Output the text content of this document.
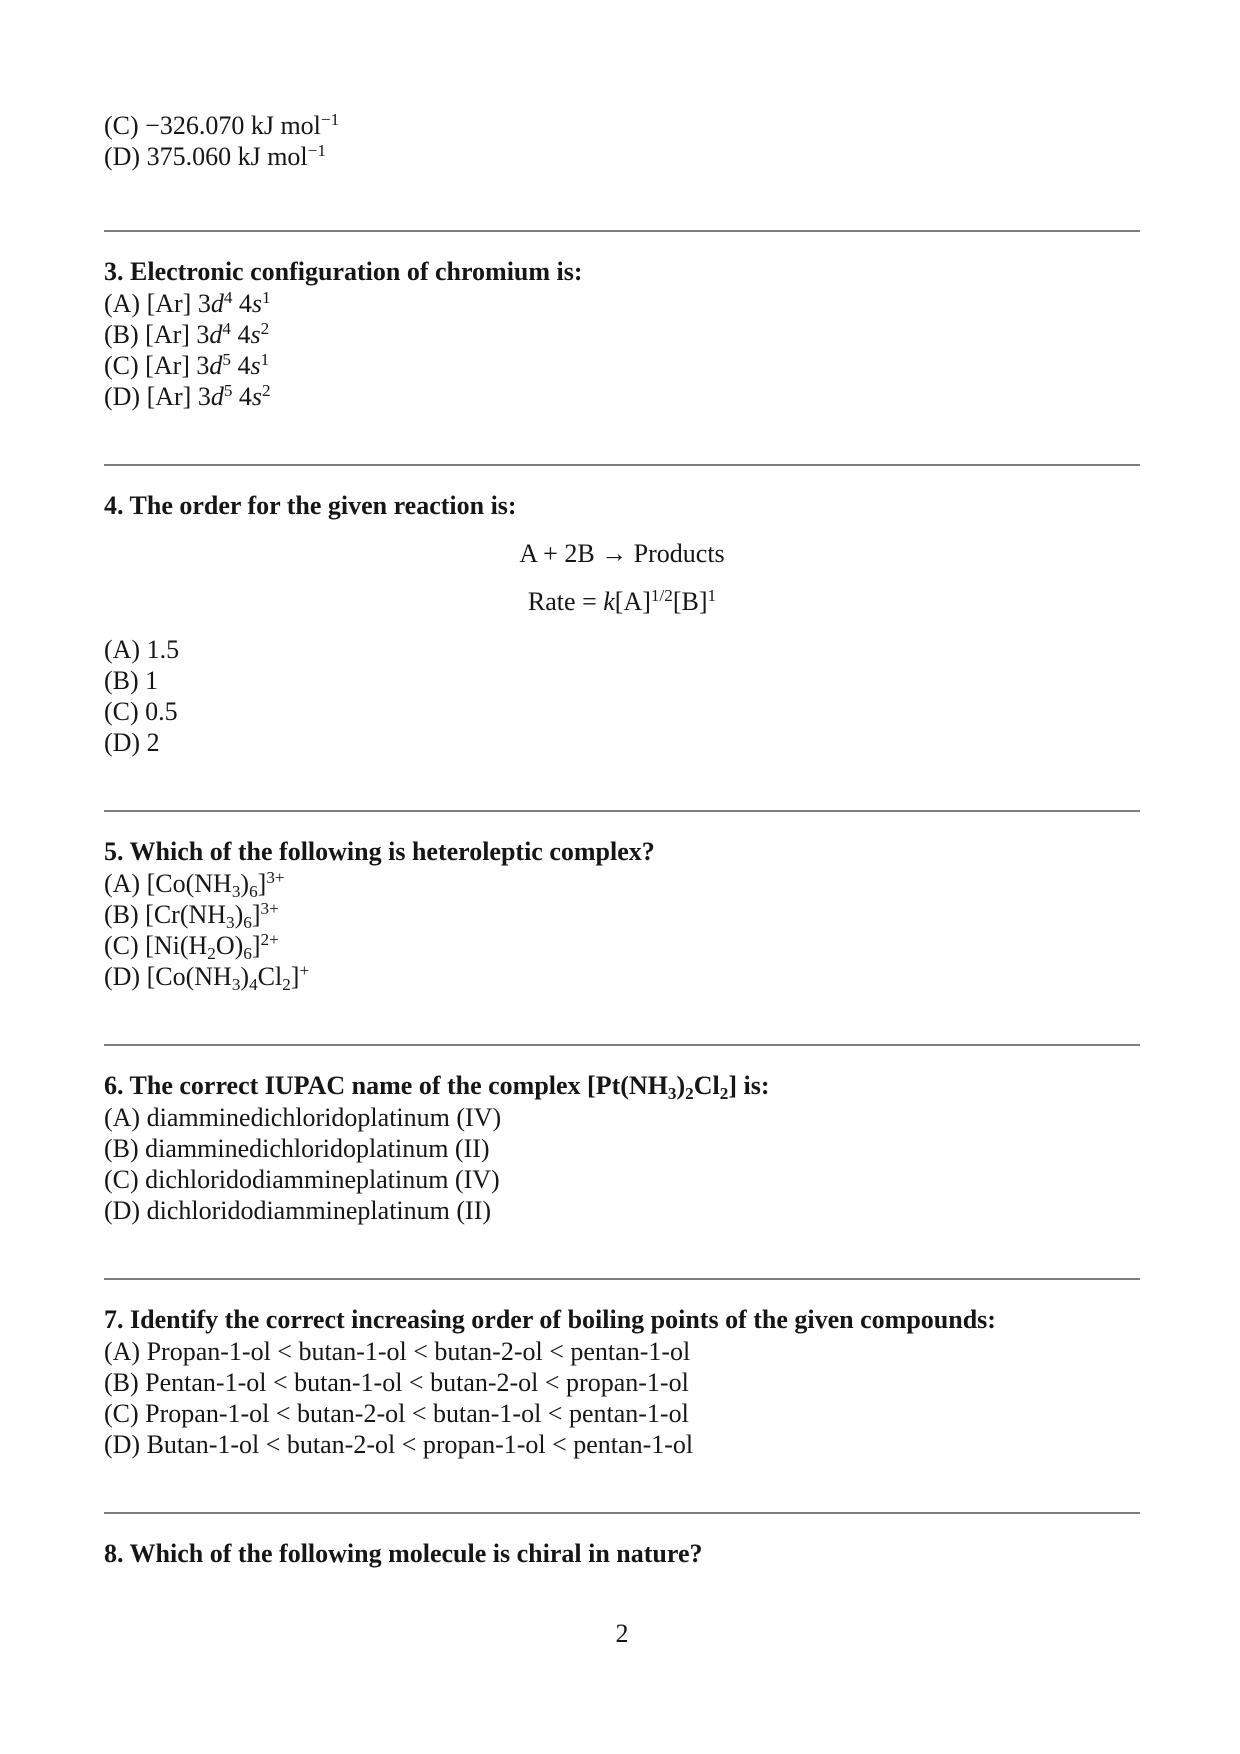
(C) −326.070 kJ mol$^{-1}$
(D) 375.060 kJ mol$^{-1}$

3. Electronic configuration of chromium is:

(A) [Ar] $3d^4$ $4s^1$
(B) [Ar] $3d^4$ $4s^2$
(C) [Ar] $3d^5$ $4s^1$
(D) [Ar] $3d^5$ $4s^2$

4. The order for the given reaction is:

A + 2B → Products
Rate = $k[A]^{1/2}[B]^1$
(A) 1.5
(B) 1
(C) 0.5
(D) 2

5. Which of the following is heteroleptic complex?

(A) $[Co(NH_3)_6]^{3+}$
(B) $[Cr(NH_3)_6]^{3+}$
(C) $[Ni(H_2O)_6]^{2+}$
(D) $[Co(NH_3)_4Cl_2]^+$

6. The correct IUPAC name of the complex $[Pt(NH_3)_2Cl_2]$ is:

(A) diamminedichloridoplatinum (IV)
(B) diamminedichloridoplatinum (II)
(C) dichloridodiammineplatinum (IV)
(D) dichloridodiammineplatinum (II)

7. Identify the correct increasing order of boiling points of the given compounds:

(A) Propan-1-ol < butan-1-ol < butan-2-ol < pentan-1-ol
(B) Pentan-1-ol < butan-1-ol < butan-2-ol < propan-1-ol
(C) Propan-1-ol < butan-2-ol < butan-1-ol < pentan-1-ol
(D) Butan-1-ol < butan-2-ol < propan-1-ol < pentan-1-ol

8. Which of the following molecule is chiral in nature?

2
